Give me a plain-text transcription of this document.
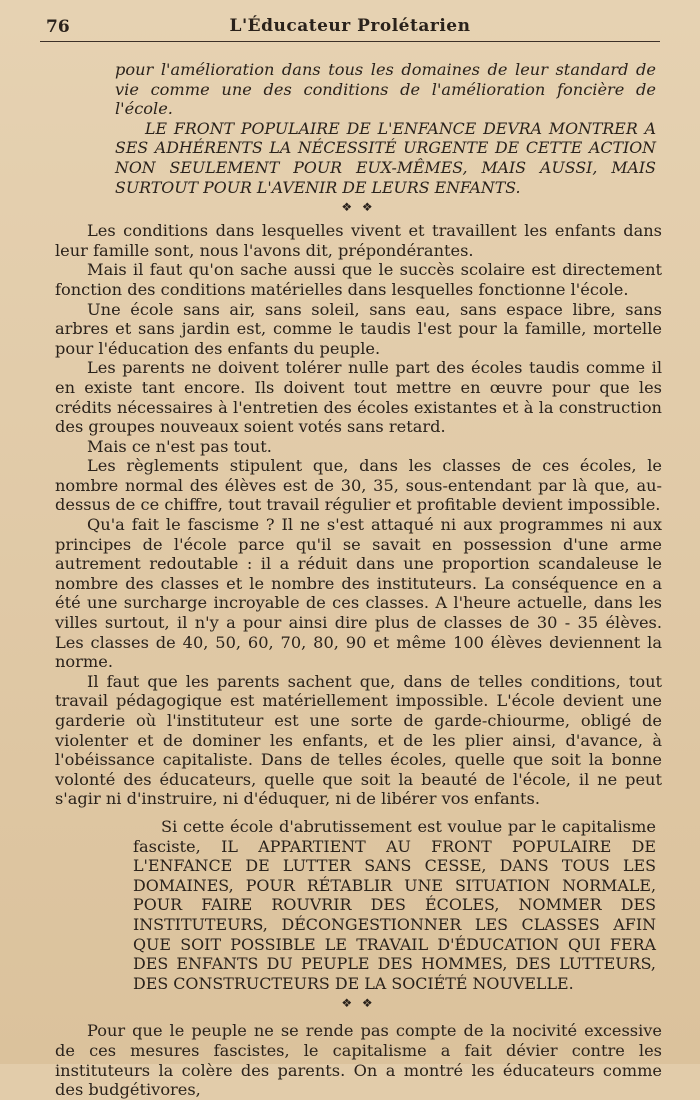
76	L'Éducateur Prolétarien

pour l'amélioration dans tous les domaines de leur standard de vie comme une des conditions de l'amélioration foncière de l'école.

LE FRONT POPULAIRE DE L'ENFANCE DEVRA MONTRER A SES ADHÉRENTS LA NÉCESSITÉ URGENTE DE CETTE ACTION NON SEULEMENT POUR EUX-MÊMES, MAIS AUSSI, MAIS SURTOUT POUR L'AVENIR DE LEURS ENFANTS.

❖ ❖

Les conditions dans lesquelles vivent et travaillent les enfants dans leur famille sont, nous l'avons dit, prépondérantes.

Mais il faut qu'on sache aussi que le succès scolaire est directement fonction des conditions matérielles dans lesquelles fonctionne l'école.

Une école sans air, sans soleil, sans eau, sans espace libre, sans arbres et sans jardin est, comme le taudis l'est pour la famille, mortelle pour l'éducation des enfants du peuple.

Les parents ne doivent tolérer nulle part des écoles taudis comme il en existe tant encore. Ils doivent tout mettre en œuvre pour que les crédits nécessaires à l'entretien des écoles existantes et à la construction des groupes nouveaux soient votés sans retard.

Mais ce n'est pas tout.

Les règlements stipulent que, dans les classes de ces écoles, le nombre normal des élèves est de 30, 35, sous-entendant par là que, au-dessus de ce chiffre, tout travail régulier et profitable devient impossible.

Qu'a fait le fascisme ? Il ne s'est attaqué ni aux programmes ni aux principes de l'école parce qu'il se savait en possession d'une arme autrement redoutable : il a réduit dans une proportion scandaleuse le nombre des classes et le nombre des instituteurs. La conséquence en a été une surcharge incroyable de ces classes. A l'heure actuelle, dans les villes surtout, il n'y a pour ainsi dire plus de classes de 30 - 35 élèves. Les classes de 40, 50, 60, 70, 80, 90 et même 100 élèves deviennent la norme.

Il faut que les parents sachent que, dans de telles conditions, tout travail pédagogique est matériellement impossible. L'école devient une garderie où l'instituteur est une sorte de garde-chiourme, obligé de violenter et de dominer les enfants, et de les plier ainsi, d'avance, à l'obéissance capitaliste. Dans de telles écoles, quelle que soit la bonne volonté des éducateurs, quelle que soit la beauté de l'école, il ne peut s'agir ni d'instruire, ni d'éduquer, ni de libérer vos enfants.

Si cette école d'abrutissement est voulue par le capitalisme fasciste, IL APPARTIENT AU FRONT POPULAIRE DE L'ENFANCE DE LUTTER SANS CESSE, DANS TOUS LES DOMAINES, POUR RÉTABLIR UNE SITUATION NORMALE, POUR FAIRE ROUVRIR DES ÉCOLES, NOMMER DES INSTITUTEURS, DÉCONGESTIONNER LES CLASSES AFIN QUE SOIT POSSIBLE LE TRAVAIL D'ÉDUCATION QUI FERA DES ENFANTS DU PEUPLE DES HOMMES, DES LUTTEURS, DES CONSTRUCTEURS DE LA SOCIÉTÉ NOUVELLE.

❖ ❖

Pour que le peuple ne se rende pas compte de la nocivité excessive de ces mesures fascistes, le capitalisme a fait dévier contre les instituteurs la colère des parents. On a montré les éducateurs comme des budgétivores,
